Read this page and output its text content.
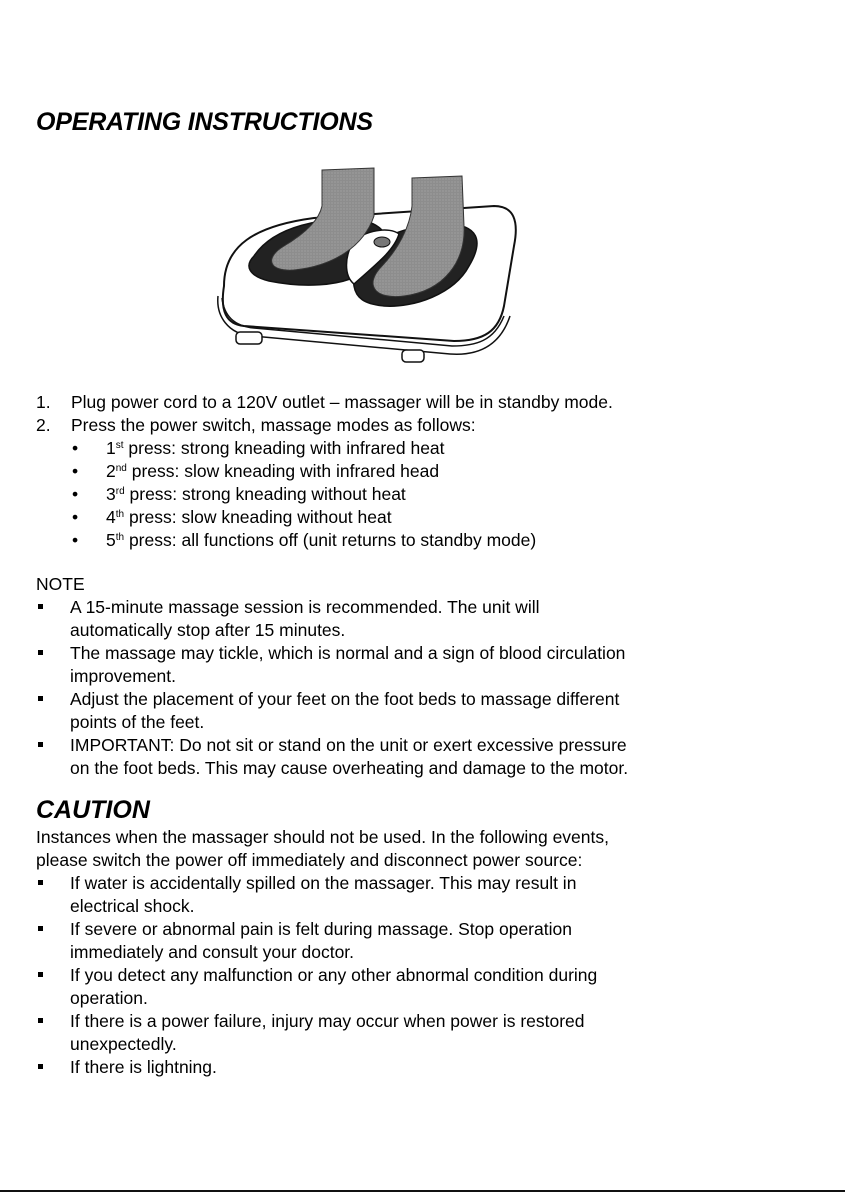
OPERATING INSTRUCTIONS
1. Plug power cord to a 120V outlet – massager will be in standby mode.
2. Press the power switch, massage modes as follows:
• 1st press: strong kneading with infrared heat
• 2nd press: slow kneading with infrared head
• 3rd press: strong kneading without heat
• 4th press: slow kneading without heat
• 5th press: all functions off (unit returns to standby mode)
NOTE
A 15-minute massage session is recommended. The unit will
automatically stop after 15 minutes.
The massage may tickle, which is normal and a sign of blood circulation
improvement.
Adjust the placement of your feet on the foot beds to massage different
points of the feet.
IMPORTANT: Do not sit or stand on the unit or exert excessive pressure
on the foot beds. This may cause overheating and damage to the motor.
CAUTION
Instances when the massager should not be used. In the following events,
please switch the power off immediately and disconnect power source:
If water is accidentally spilled on the massager. This may result in
electrical shock.
If severe or abnormal pain is felt during massage. Stop operation
immediately and consult your doctor.
If you detect any malfunction or any other abnormal condition during
operation.
If there is a power failure, injury may occur when power is restored
unexpectedly.
If there is lightning.
